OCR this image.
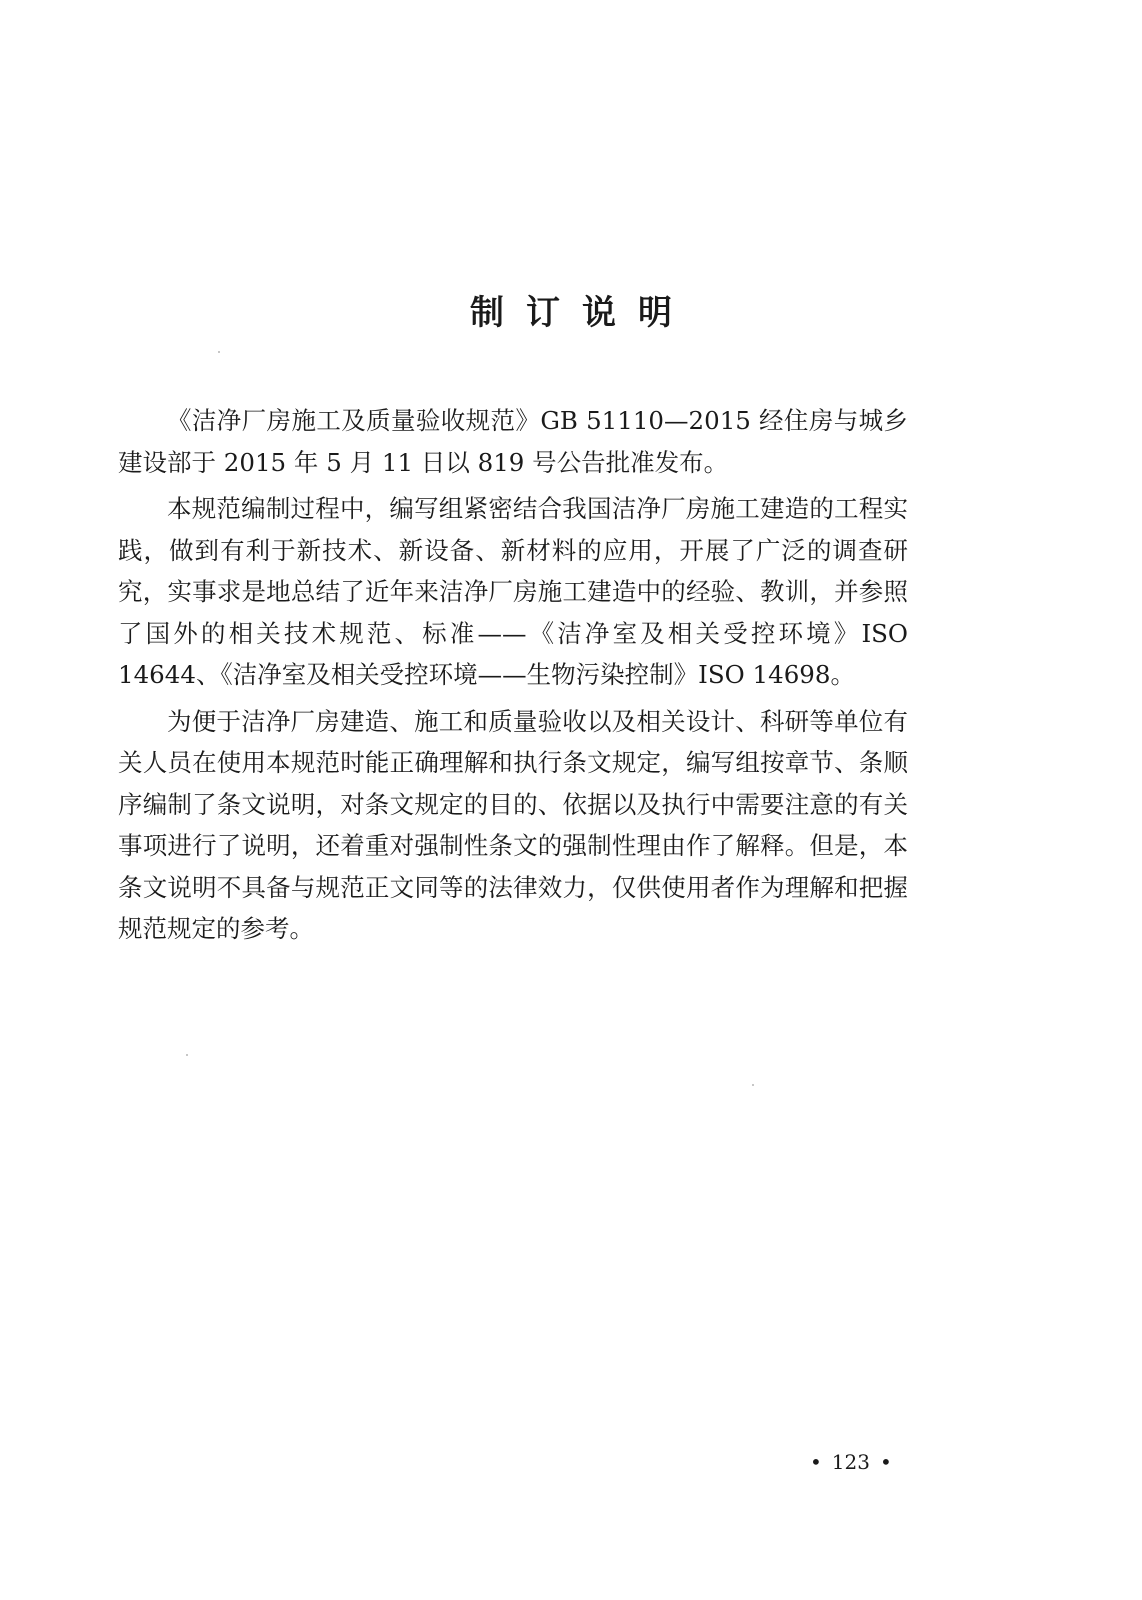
制订说明

《洁净厂房施工及质量验收规范》GB 51110—2015 经住房与城乡建设部于 2015 年 5 月 11 日以 819 号公告批准发布。

本规范编制过程中，编写组紧密结合我国洁净厂房施工建造的工程实践，做到有利于新技术、新设备、新材料的应用，开展了广泛的调查研究，实事求是地总结了近年来洁净厂房施工建造中的经验、教训，并参照了国外的相关技术规范、标准——《洁净室及相关受控环境》ISO 14644、《洁净室及相关受控环境——生物污染控制》ISO 14698。

为便于洁净厂房建造、施工和质量验收以及相关设计、科研等单位有关人员在使用本规范时能正确理解和执行条文规定，编写组按章节、条顺序编制了条文说明，对条文规定的目的、依据以及执行中需要注意的有关事项进行了说明，还着重对强制性条文的强制性理由作了解释。但是，本条文说明不具备与规范正文同等的法律效力，仅供使用者作为理解和把握规范规定的参考。

• 123 •
